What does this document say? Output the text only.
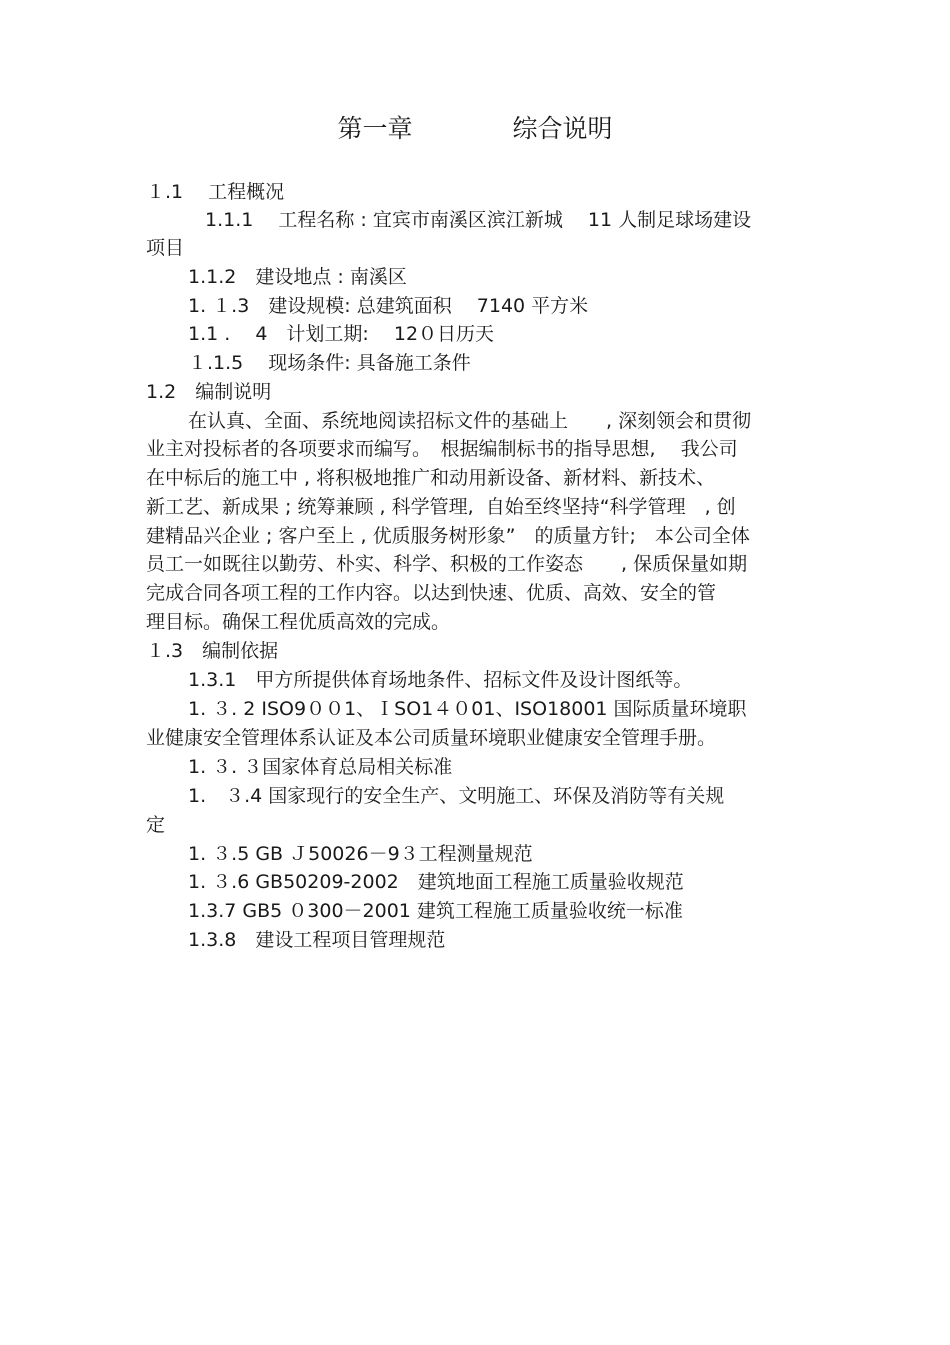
第一章　　　　综合说明
１.1　 工程概况
1.1.1　 工程名称 : 宜宾市南溪区滨江新城　 11 人制足球场建设
项目
1.1.2　建设地点 : 南溪区
1. １.3　建设规模: 总建筑面积　 7140 平方米
1.1 .　 4　计划工期:　 12０日历天
１.1.5　 现场条件: 具备施工条件
1.2　编制说明
在认真、全面、系统地阅读招标文件的基础上　　, 深刻领会和贯彻
业主对投标者的各项要求而编写。　根据编制标书的指导思想,　 我公司
在中标后的施工中 , 将积极地推广和动用新设备、新材料、新技术、
新工艺、新成果 ; 统筹兼顾 , 科学管理,  自始至终坚持“科学管理　, 创
建精品兴企业 ; 客户至上 , 优质服务树形象”　的质量方针;　本公司全体
员工一如既往以勤劳、朴实、科学、积极的工作姿态　　, 保质保量如期
完成合同各项工程的工作内容。以达到快速、优质、高效、安全的管
理目标。确保工程优质高效的完成。
１.3　编制依据
1.3.1　甲方所提供体育场地条件、招标文件及设计图纸等。
1. ３. 2 ISO9００1、ＩSO1４０01、ISO18001 国际质量环境职
业健康安全管理体系认证及本公司质量环境职业健康安全管理手册。
1. ３. ３国家体育总局相关标准
1.　３.4 国家现行的安全生产、文明施工、环保及消防等有关规
定
1. ３.5 GB Ｊ50026－9３工程测量规范
1. ３.6 GB50209-2002　建筑地面工程施工质量验收规范
1.3.7 GB5 ０300－2001 建筑工程施工质量验收统一标准
1.3.8　建设工程项目管理规范
